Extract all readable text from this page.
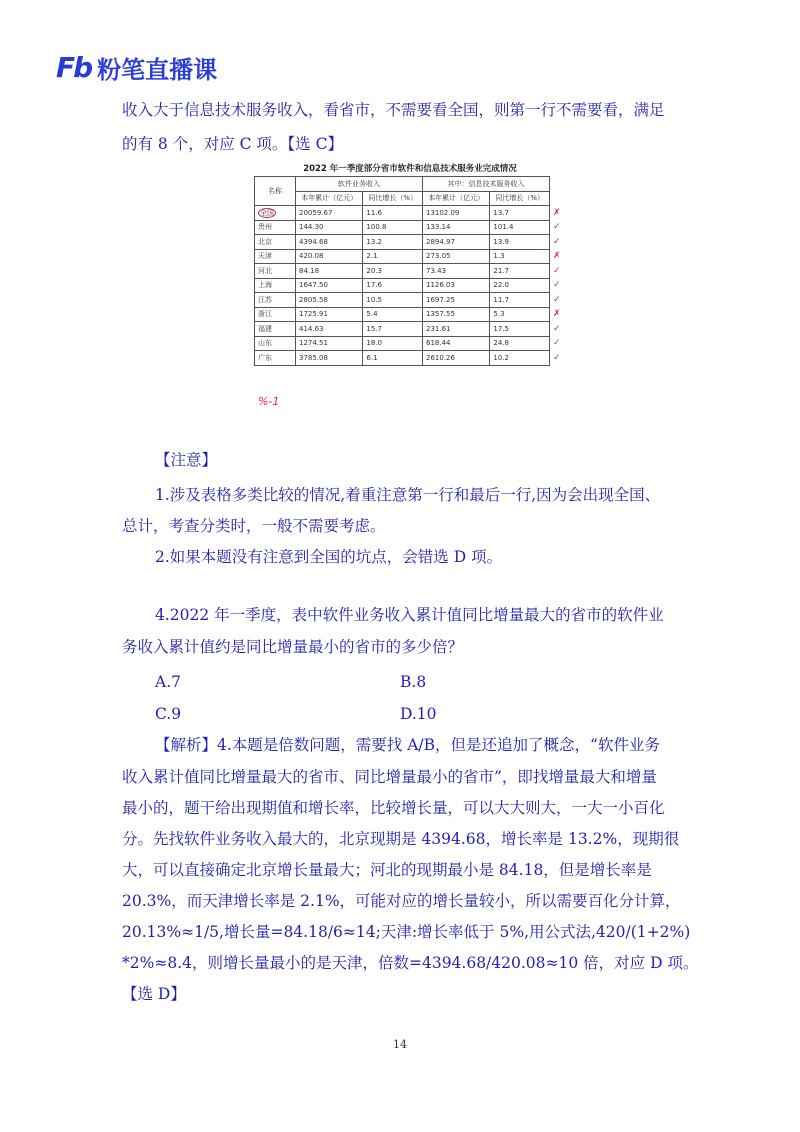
Fb 粉笔直播课
收入大于信息技术服务收入，看省市，不需要看全国，则第一行不需要看，满足
的有 8 个，对应 C 项。【选 C】
2022 年一季度部分省市软件和信息技术服务业完成情况
名称	软件业务收入		其中：信息技术服务收入		
	本年累计（亿元）	同比增长（%）	本年累计（亿元）	同比增长（%）	
全国	20059.67	11.6	13102.09	13.7	✗
贵州	144.30	100.8	133.14	101.4	✓
北京	4394.68	13.2	2894.97	13.9	✓
天津	420.08	2.1	273.05	1.3	✗
河北	84.18	20.3	73.43	21.7	✓
上海	1647.50	17.6	1126.03	22.0	✓
江苏	2805.58	10.5	1697.25	11.7	✓
浙江	1725.91	5.4	1357.55	5.3	✗
福建	414.63	15.7	231.61	17.5	✓
山东	1274.51	18.0	618.44	24.8	✓
广东	3785.08	6.1	2610.26	10.2	✓
%-1
【注意】
1.涉及表格多类比较的情况,着重注意第一行和最后一行,因为会出现全国、
总计，考查分类时，一般不需要考虑。
2.如果本题没有注意到全国的坑点，会错选 D 项。
4.2022 年一季度，表中软件业务收入累计值同比增量最大的省市的软件业
务收入累计值约是同比增量最小的省市的多少倍？
A.7	B.8
C.9	D.10
【解析】4.本题是倍数问题，需要找 A/B，但是还追加了概念，“软件业务
收入累计值同比增量最大的省市、同比增量最小的省市”，即找增量最大和增量
最小的，题干给出现期值和增长率，比较增长量，可以大大则大，一大一小百化
分。先找软件业务收入最大的，北京现期是 4394.68，增长率是 13.2%，现期很
大，可以直接确定北京增长量最大；河北的现期最小是 84.18，但是增长率是
20.3%，而天津增长率是 2.1%，可能对应的增长量较小，所以需要百化分计算，
20.13%≈1/5,增长量=84.18/6≈14;天津:增长率低于 5%,用公式法,420/(1+2%)
*2%≈8.4，则增长量最小的是天津，倍数=4394.68/420.08≈10 倍，对应 D 项。
【选 D】
14
